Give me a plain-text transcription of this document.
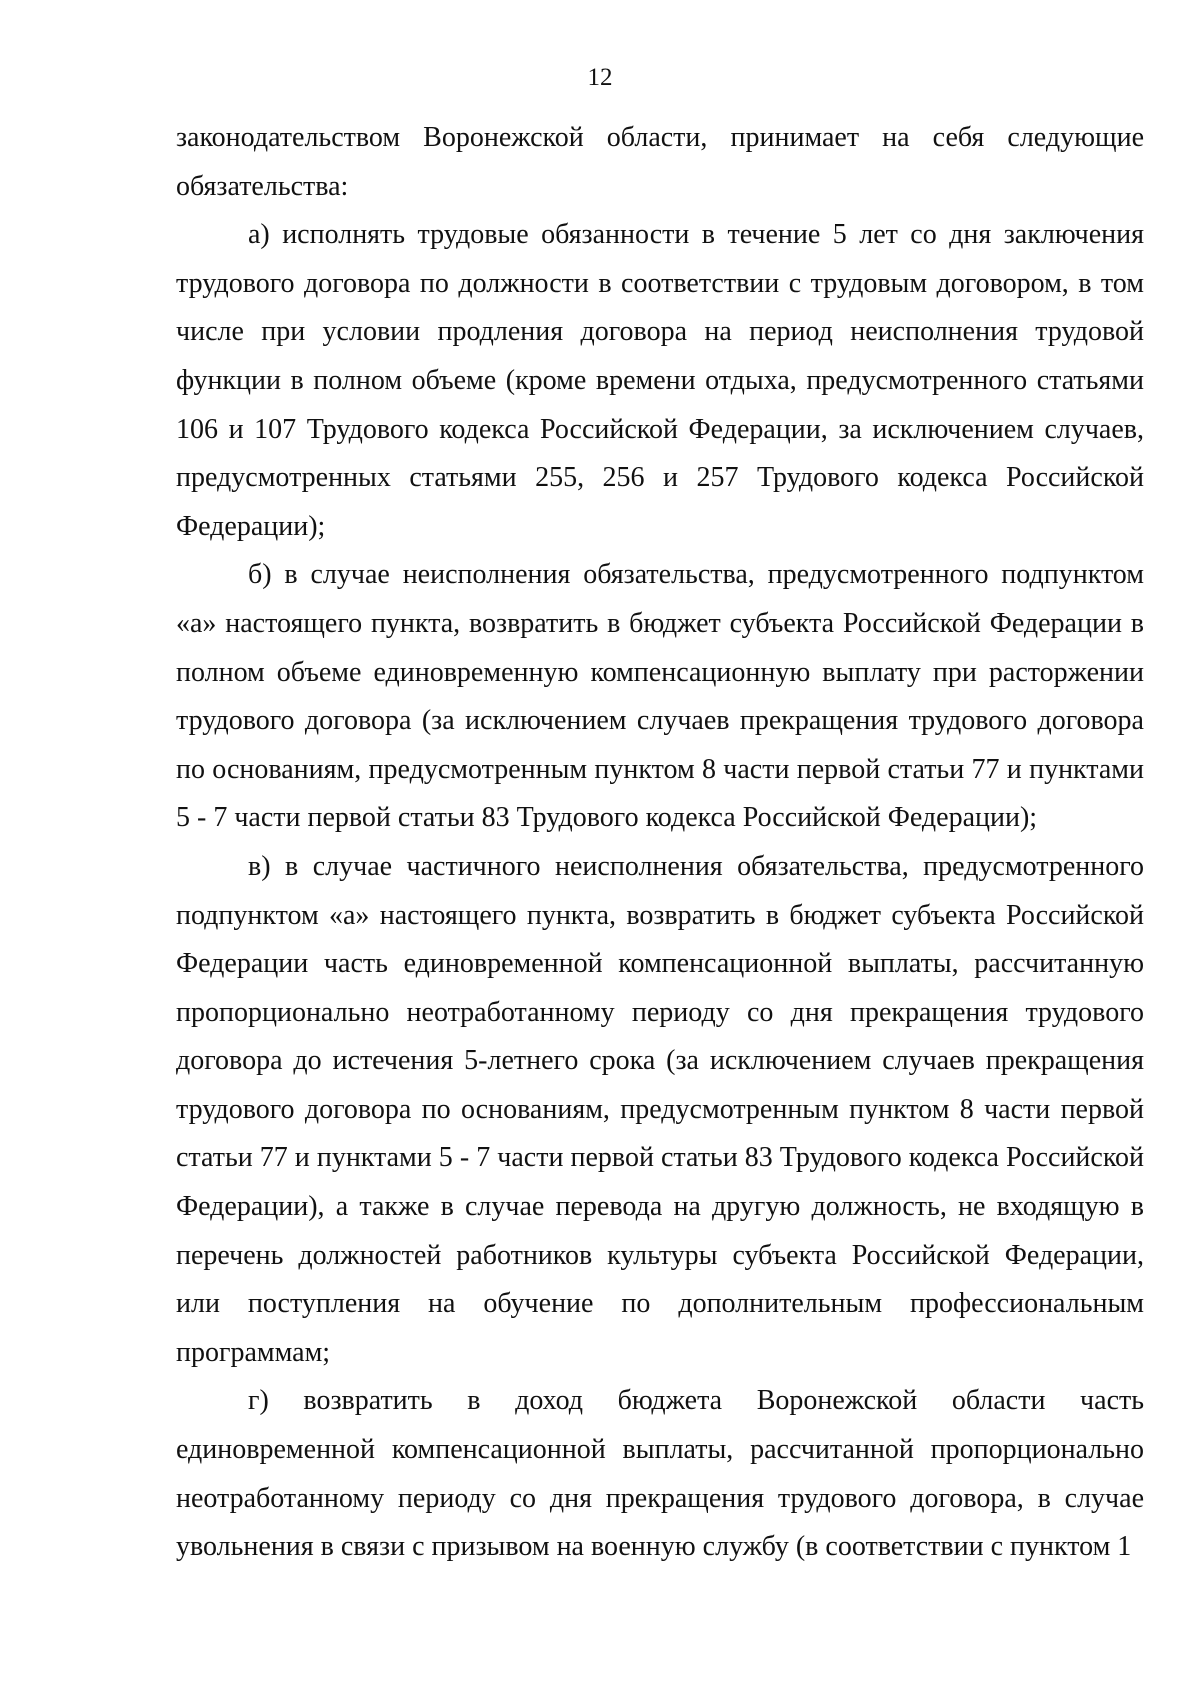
12

законодательством Воронежской области, принимает на себя следующие обязательства:

а) исполнять трудовые обязанности в течение 5 лет со дня заключения трудового договора по должности в соответствии с трудовым договором, в том числе при условии продления договора на период неисполнения трудовой функции в полном объеме (кроме времени отдыха, предусмотренного статьями 106 и 107 Трудового кодекса Российской Федерации, за исключением случаев, предусмотренных статьями 255, 256 и 257 Трудового кодекса Российской Федерации);

б) в случае неисполнения обязательства, предусмотренного подпунктом «а» настоящего пункта, возвратить в бюджет субъекта Российской Федерации в полном объеме единовременную компенсационную выплату при расторжении трудового договора (за исключением случаев прекращения трудового договора по основаниям, предусмотренным пунктом 8 части первой статьи 77 и пунктами 5 - 7 части первой статьи 83 Трудового кодекса Российской Федерации);

в) в случае частичного неисполнения обязательства, предусмотренного подпунктом «а» настоящего пункта, возвратить в бюджет субъекта Российской Федерации часть единовременной компенсационной выплаты, рассчитанную пропорционально неотработанному периоду со дня прекращения трудового договора до истечения 5-летнего срока (за исключением случаев прекращения трудового договора по основаниям, предусмотренным пунктом 8 части первой статьи 77 и пунктами 5 - 7 части первой статьи 83 Трудового кодекса Российской Федерации), а также в случае перевода на другую должность, не входящую в перечень должностей работников культуры субъекта Российской Федерации, или поступления на обучение по дополнительным профессиональным программам;

г) возвратить в доход бюджета Воронежской области часть единовременной компенсационной выплаты, рассчитанной пропорционально неотработанному периоду со дня прекращения трудового договора, в случае увольнения в связи с призывом на военную службу (в соответствии с пунктом 1
